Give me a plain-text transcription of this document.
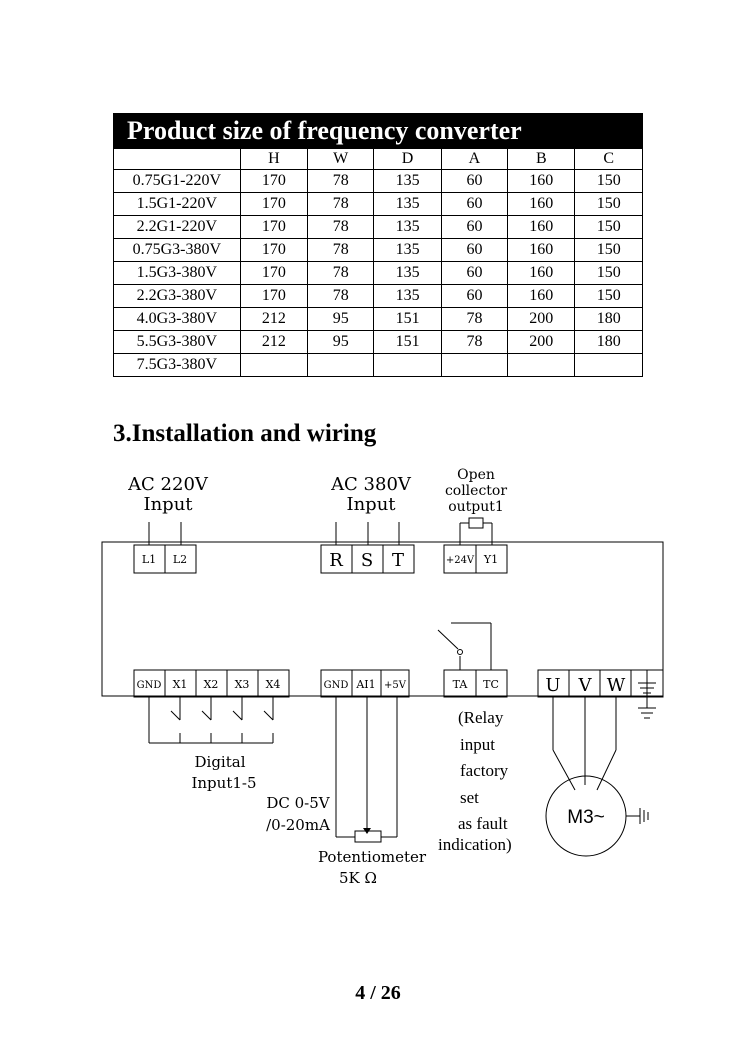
Product size of frequency converter						
	H	W	D	A	B	C
0.75G1-220V	170	78	135	60	160	150
1.5G1-220V	170	78	135	60	160	150
2.2G1-220V	170	78	135	60	160	150
0.75G3-380V	170	78	135	60	160	150
1.5G3-380V	170	78	135	60	160	150
2.2G3-380V	170	78	135	60	160	150
4.0G3-380V	212	95	151	78	200	180
5.5G3-380V	212	95	151	78	200	180
7.5G3-380V						
3.Installation and wiring
AC 220V
Input
AC 380V
Input
Open
collector
output1
L1 L2	R S T	+24V Y1
GND X1 X2 X3 X4	GND AI1 +5V	TA TC	U V W
Digital
Input1-5
DC 0-5V
/0-20mA
Potentiometer
5K Ω
M3~
(Relay
input
factory
set
as fault
indication)
4 / 26
